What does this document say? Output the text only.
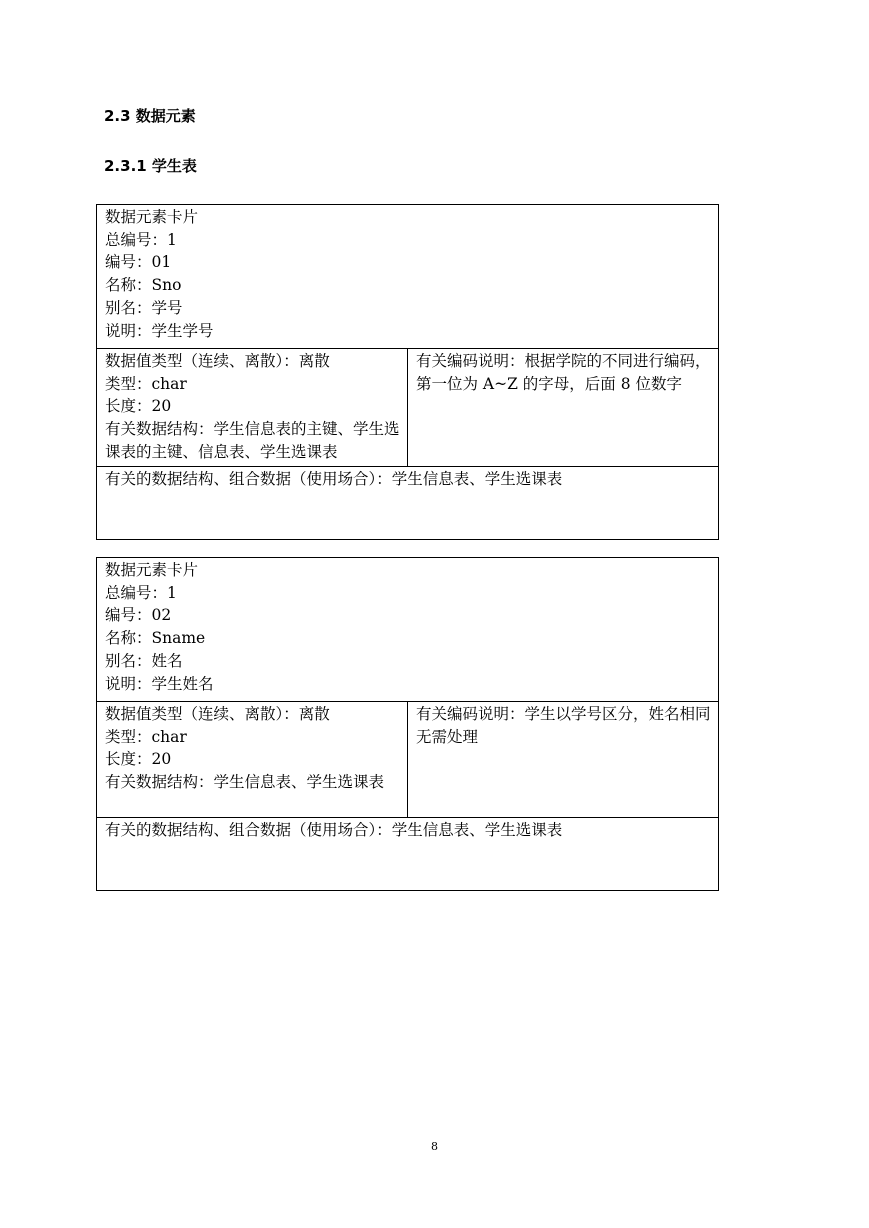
2.3 数据元素
2.3.1 学生表
数据元素卡片
总编号：1
编号：01
名称：Sno
别名：学号
说明：学生学号

数据值类型（连续、离散）：离散
类型：char
长度：20
有关数据结构：学生信息表的主键、学生选课表的主键、信息表、学生选课表

有关编码说明：根据学院的不同进行编码，第一位为 A~Z 的字母，后面 8 位数字

有关的数据结构、组合数据（使用场合）：学生信息表、学生选课表
数据元素卡片
总编号：1
编号：02
名称：Sname
别名：姓名
说明：学生姓名

数据值类型（连续、离散）：离散
类型：char
长度：20
有关数据结构：学生信息表、学生选课表

有关编码说明：学生以学号区分，姓名相同无需处理

有关的数据结构、组合数据（使用场合）：学生信息表、学生选课表
8
